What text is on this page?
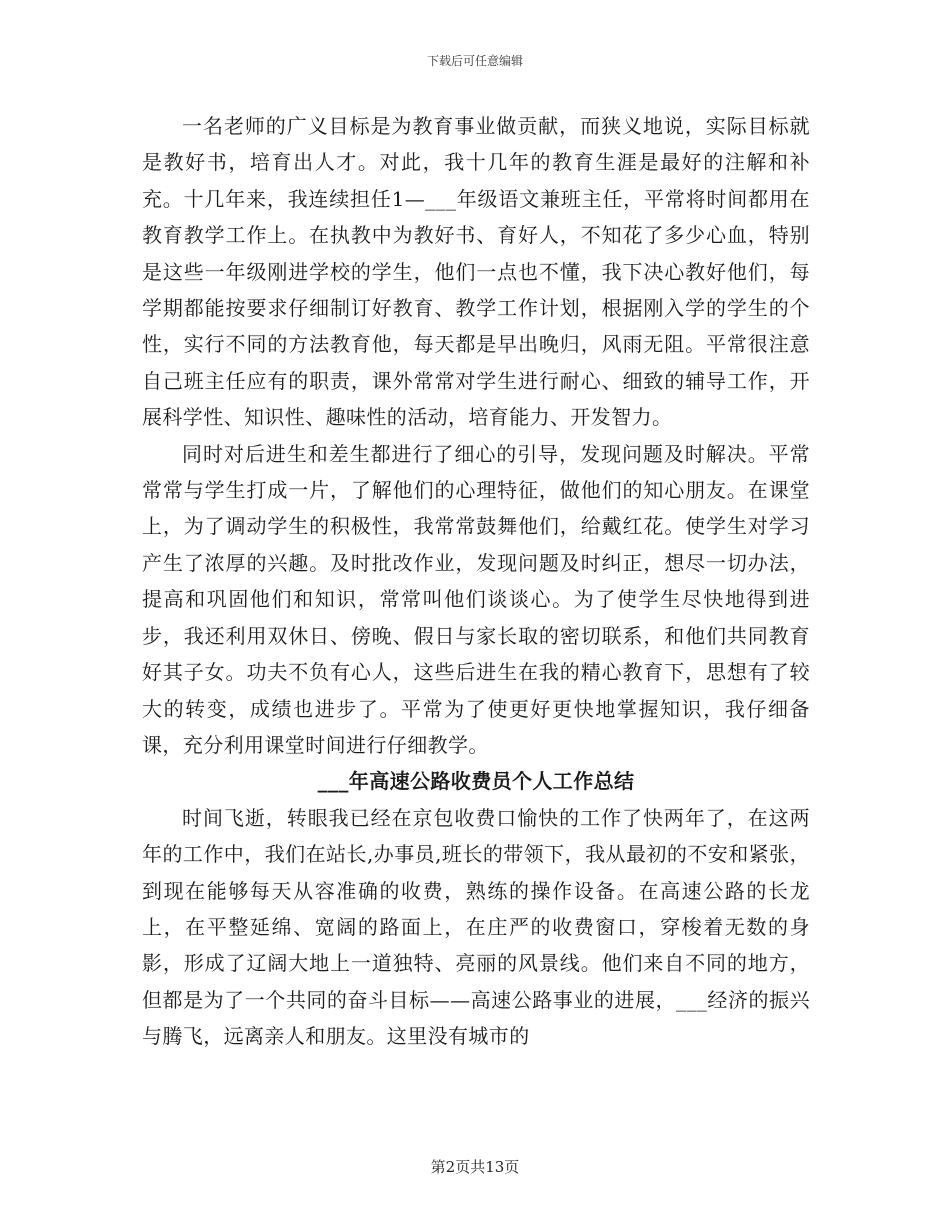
下载后可任意编辑

一名老师的广义目标是为教育事业做贡献，而狭义地说，实际目标就是教好书，培育出人才。对此，我十几年的教育生涯是最好的注解和补充。十几年来，我连续担任1—___年级语文兼班主任，平常将时间都用在教育教学工作上。在执教中为教好书、育好人，不知花了多少心血，特别是这些一年级刚进学校的学生，他们一点也不懂，我下决心教好他们，每学期都能按要求仔细制订好教育、教学工作计划，根据刚入学的学生的个性，实行不同的方法教育他，每天都是早出晚归，风雨无阻。平常很注意自己班主任应有的职责，课外常常对学生进行耐心、细致的辅导工作，开展科学性、知识性、趣味性的活动，培育能力、开发智力。

同时对后进生和差生都进行了细心的引导，发现问题及时解决。平常常常与学生打成一片，了解他们的心理特征，做他们的知心朋友。在课堂上，为了调动学生的积极性，我常常鼓舞他们，给戴红花。使学生对学习产生了浓厚的兴趣。及时批改作业，发现问题及时纠正，想尽一切办法，提高和巩固他们和知识，常常叫他们谈谈心。为了使学生尽快地得到进步，我还利用双休日、傍晚、假日与家长取的密切联系，和他们共同教育好其子女。功夫不负有心人，这些后进生在我的精心教育下，思想有了较大的转变，成绩也进步了。平常为了使更好更快地掌握知识，我仔细备课，充分利用课堂时间进行仔细教学。

___年高速公路收费员个人工作总结

时间飞逝，转眼我已经在京包收费口愉快的工作了快两年了，在这两年的工作中，我们在站长,办事员,班长的带领下，我从最初的不安和紧张，到现在能够每天从容准确的收费，熟练的操作设备。在高速公路的长龙上，在平整延绵、宽阔的路面上，在庄严的收费窗口，穿梭着无数的身影，形成了辽阔大地上一道独特、亮丽的风景线。他们来自不同的地方，但都是为了一个共同的奋斗目标——高速公路事业的进展，___经济的振兴与腾飞，远离亲人和朋友。这里没有城市的

第2页共13页
